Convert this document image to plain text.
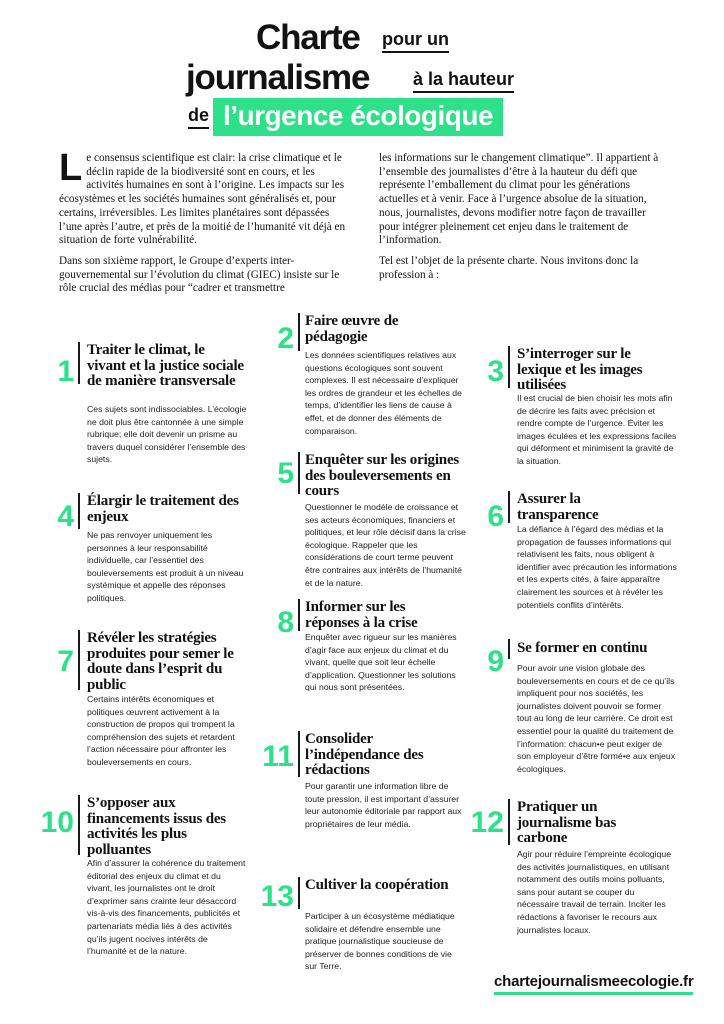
Charte pour un
journalisme à la hauteur
de l’urgence écologique

Le consensus scientifique est clair: la crise climatique et le déclin rapide de la biodiversité sont en cours, et les activités humaines en sont à l’origine. Les impacts sur les écosystèmes et les sociétés humaines sont généralisés et, pour certains, irréversibles. Les limites planétaires sont dépassées l’une après l’autre, et près de la moitié de l’humanité vit déjà en situation de forte vulnérabilité.

Dans son sixième rapport, le Groupe d’experts inter-gouvernemental sur l’évolution du climat (GIEC) insiste sur le rôle crucial des médias pour “cadrer et transmettre

les informations sur le changement climatique”. Il appartient à l’ensemble des journalistes d’être à la hauteur du défi que représente l’emballement du climat pour les générations actuelles et à venir. Face à l’urgence absolue de la situation, nous, journalistes, devons modifier notre façon de travailler pour intégrer pleinement cet enjeu dans le traitement de l’information.

Tel est l’objet de la présente charte. Nous invitons donc la profession à :

1
Traiter le climat, le vivant et la justice sociale de manière transversale
Ces sujets sont indissociables. L’écologie ne doit plus être cantonnée à une simple rubrique; elle doit devenir un prisme au travers duquel considérer l’ensemble des sujets.
2
Faire œuvre de pédagogie
Les données scientifiques relatives aux questions écologiques sont souvent complexes. Il est nécessaire d’expliquer les ordres de grandeur et les échelles de temps, d’identifier les liens de cause à effet, et de donner des éléments de comparaison.
3
S’interroger sur le lexique et les images utilisées
Il est crucial de bien choisir les mots afin de décrire les faits avec précision et rendre compte de l’urgence. Éviter les images éculées et les expressions faciles qui déforment et minimisent la gravité de la situation.
4 Élargir le traitement des enjeux
Ne pas renvoyer uniquement les personnes à leur responsabilité individuelle, car l’essentiel des bouleversements est produit à un niveau systémique et appelle des réponses politiques.
5 Enquêter sur les origines des bouleversements en cours
Questionner le modèle de croissance et ses acteurs économiques, financiers et politiques, et leur rôle décisif dans la crise écologique. Rappeler que les considérations de court terme peuvent être contraires aux intérêts de l’humanité et de la nature.
6
Assurer la transparence
La défiance à l’égard des médias et la propagation de fausses informations qui relativisent les faits, nous obligent à identifier avec précaution les informations et les experts cités, à faire apparaître clairement les sources et à révéler les potentiels conflits d’intérêts.
7
Révéler les stratégies produites pour semer le doute dans l’esprit du public
Certains intérêts économiques et politiques œuvrent activement à la construction de propos qui trompent la compréhension des sujets et retardent l’action nécessaire pour affronter les bouleversements en cours.
8 Informer sur les réponses à la crise
Enquêter avec rigueur sur les manières d’agir face aux enjeux du climat et du vivant, quelle que soit leur échelle d’application. Questionner les solutions qui nous sont présentées.
9 Se former en continu
Pour avoir une vision globale des bouleversements en cours et de ce qu’ils impliquent pour nos sociétés, les journalistes doivent pouvoir se former tout au long de leur carrière. Ce droit est essentiel pour la qualité du traitement de l’information: chacun•e peut exiger de son employeur d’être formé•e aux enjeux écologiques.
10
S’opposer aux financements issus des activités les plus polluantes
Afin d’assurer la cohérence du traitement éditorial des enjeux du climat et du vivant, les journalistes ont le droit d’exprimer sans crainte leur désaccord vis-à-vis des financements, publicités et partenariats média liés à des activités qu’ils jugent nocives intérêts de l’humanité et de la nature.
11
Consolider l’indépendance des rédactions
Pour garantir une information libre de toute pression, il est important d’assurer leur autonomie éditoriale par rapport aux propriétaires de leur média.	12 Pratiquer un journalisme bas carbone
Agir pour réduire l’empreinte écologique des activités journalistiques, en utilisant notamment des outils moins polluants, sans pour autant se couper du nécessaire travail de terrain. Inciter les rédactions à favoriser le recours aux journalistes locaux.
13 Cultiver la coopération
Participer à un écosystème médiatique solidaire et défendre ensemble une pratique journalistique soucieuse de préserver de bonnes conditions de vie sur Terre.
chartejournalismeecologie.fr
